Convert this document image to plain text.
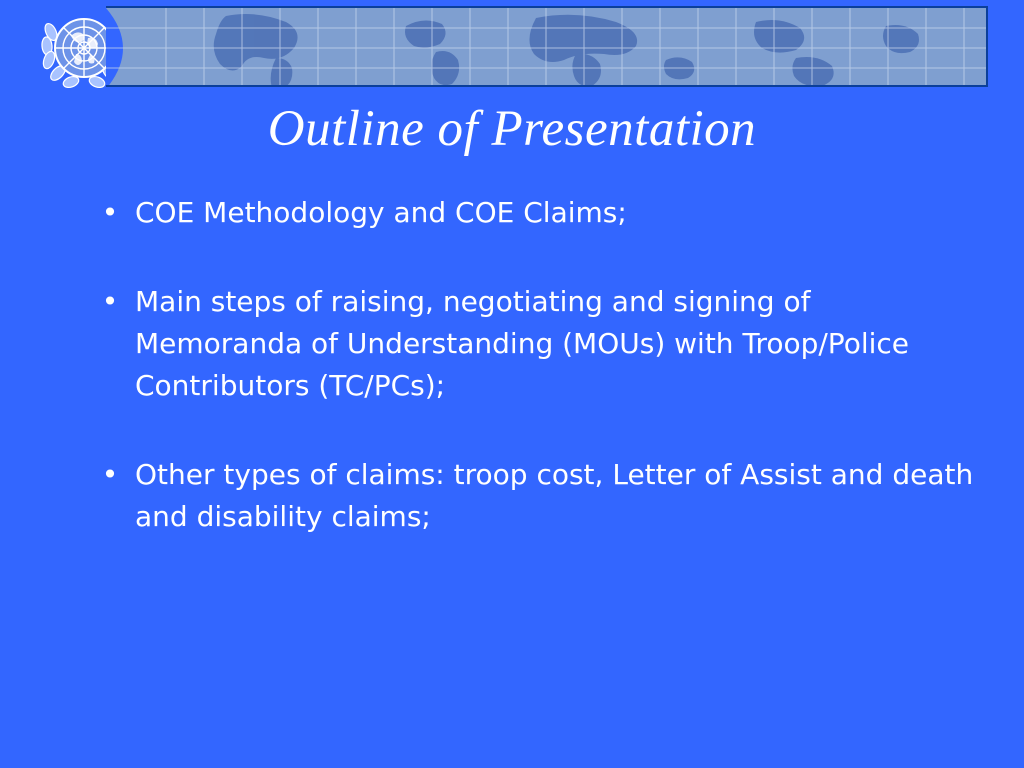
Outline of Presentation
• COE Methodology and COE Claims;
• Main steps of raising, negotiating and signing of Memoranda of Understanding (MOUs) with Troop/Police Contributors (TC/PCs);
• Other types of claims: troop cost, Letter of Assist and death and disability claims;
